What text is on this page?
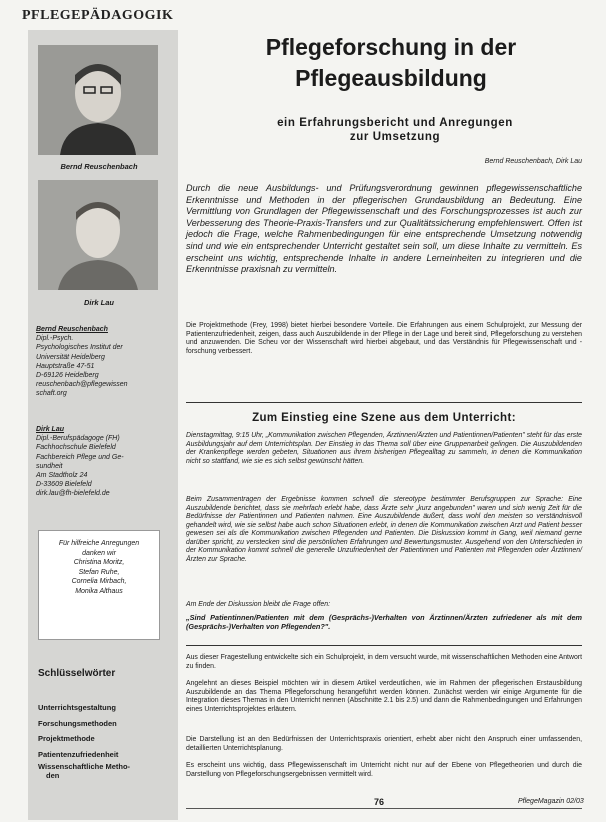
PFLEGEPÄDAGOGIK
Bernd Reuschenbach
Dirk Lau
Bernd Reuschenbach
Dipl.-Psych.
Psychologisches Institut der
Universität Heidelberg
Hauptstraße 47-51
D-69126 Heidelberg
reuschenbach@pflegewissen
schaft.org
Dirk Lau
Dipl.-Berufspädagoge (FH)
Fachhochschule Bielefeld
Fachbereich Pflege und Ge-
sundheit
Am Stadtholz 24
D-33609 Bielefeld
dirk.lau@fh-bielefeld.de
Für hilfreiche Anregungen
danken wir
Christina Moritz,
Stefan Ruhe,
Cornelia Mirbach,
Monika Althaus
Schlüsselwörter
Unterrichtsgestaltung
Forschungsmethoden
Projektmethode
Patientenzufriedenheit
Wissenschaftliche Metho-
den
Pflegeforschung in der
Pflegeausbildung
ein Erfahrungsbericht und Anregungen
zur Umsetzung
Bernd Reuschenbach, Dirk Lau
Durch die neue Ausbildungs- und Prüfungsverordnung gewinnen pflegewissenschaftliche Erkenntnisse und Methoden in der pflegerischen Grundausbildung an Bedeutung. Eine Vermittlung von Grundlagen der Pflegewissenschaft und des Forschungsprozesses ist auch zur Verbesserung des Theorie-Praxis-Transfers und zur Qualitätssicherung empfehlenswert. Offen ist jedoch die Frage, welche Rahmenbedingungen für eine entsprechende Umsetzung notwendig sind und wie ein entsprechender Unterricht gestaltet sein soll, um diese Inhalte zu vermitteln. Es erscheint uns wichtig, entsprechende Inhalte in andere Lerneinheiten zu integrieren und die Erkenntnisse praxisnah zu vermitteln.
Die Projektmethode (Frey, 1998) bietet hierbei besondere Vorteile. Die Erfahrungen aus einem Schulprojekt, zur Messung der Patientenzufriedenheit, zeigen, dass auch Auszubildende in der Pflege in der Lage und bereit sind, Pflegeforschung zu verstehen und anzuwenden. Die Scheu vor der Wissenschaft wird hierbei abgebaut, und das Verständnis für Pflegewissenschaft und -forschung verbessert.
Zum Einstieg eine Szene aus dem Unterricht:
Dienstagmittag, 9:15 Uhr, „Kommunikation zwischen Pflegenden, Ärztinnen/Ärzten und Patientinnen/Patienten" steht für das erste Ausbildungsjahr auf dem Unterrichtsplan. Der Einstieg in das Thema soll über eine Gruppenarbeit gelingen. Die Auszubildenden der Krankenpflege werden gebeten, Situationen aus ihrem bisherigen Pflegealltag zu sammeln, in denen die Kommunikation nicht so stattfand, wie sie es sich selbst gewünscht hätten.
Beim Zusammentragen der Ergebnisse kommen schnell die stereotype bestimmter Berufsgruppen zur Sprache: Eine Auszubildende berichtet, dass sie mehrfach erlebt habe, dass Ärzte sehr „kurz angebunden" waren und sich wenig Zeit für die Bedürfnisse der Patientinnen und Patienten nahmen. Eine Auszubildende äußert, dass wohl den meisten so verständnisvoll gehandelt wird, wie sie selbst habe auch schon Situationen erlebt, in denen die Kommunikation zwischen Arzt und Patient besser gewesen sei als die Kommunikation zwischen Pflegenden und Patienten. Die Diskussion kommt in Gang, weil niemand gerne darüber spricht, zu verstecken sind die persönlichen Erfahrungen und Bewertungsmuster. Ausgehend von den Unterschieden in der Kommunikation kommt schnell die generelle Unzufriedenheit der Patientinnen und Patienten mit Pflegenden oder Ärztinnen/Ärzten zur Sprache.
Am Ende der Diskussion bleibt die Frage offen:
„Sind Patientinnen/Patienten mit dem (Gesprächs-)Verhalten von Ärztinnen/Ärzten zufriedener als mit dem (Gesprächs-)Verhalten von Pflegenden?".
Aus dieser Fragestellung entwickelte sich ein Schulprojekt, in dem versucht wurde, mit wissenschaftlichen Methoden eine Antwort zu finden.
Angelehnt an dieses Beispiel möchten wir in diesem Artikel verdeutlichen, wie im Rahmen der pflegerischen Erstausbildung Auszubildende an das Thema Pflegeforschung herangeführt werden können. Zunächst werden wir einige Argumente für die Integration dieses Themas in den Unterricht nennen (Abschnitte 2.1 bis 2.5) und dann die Rahmenbedingungen und Erfahrungen eines Unterrichtsprojektes erläutern.
Die Darstellung ist an den Bedürfnissen der Unterrichtspraxis orientiert, erhebt aber nicht den Anspruch einer umfassenden, detaillierten Unterrichtsplanung.
Es erscheint uns wichtig, dass Pflegewissenschaft im Unterricht nicht nur auf der Ebene von Pflegetheorien und durch die Darstellung von Pflegeforschungsergebnissen vermittelt wird.
76	PflegeMagazin 02/03
